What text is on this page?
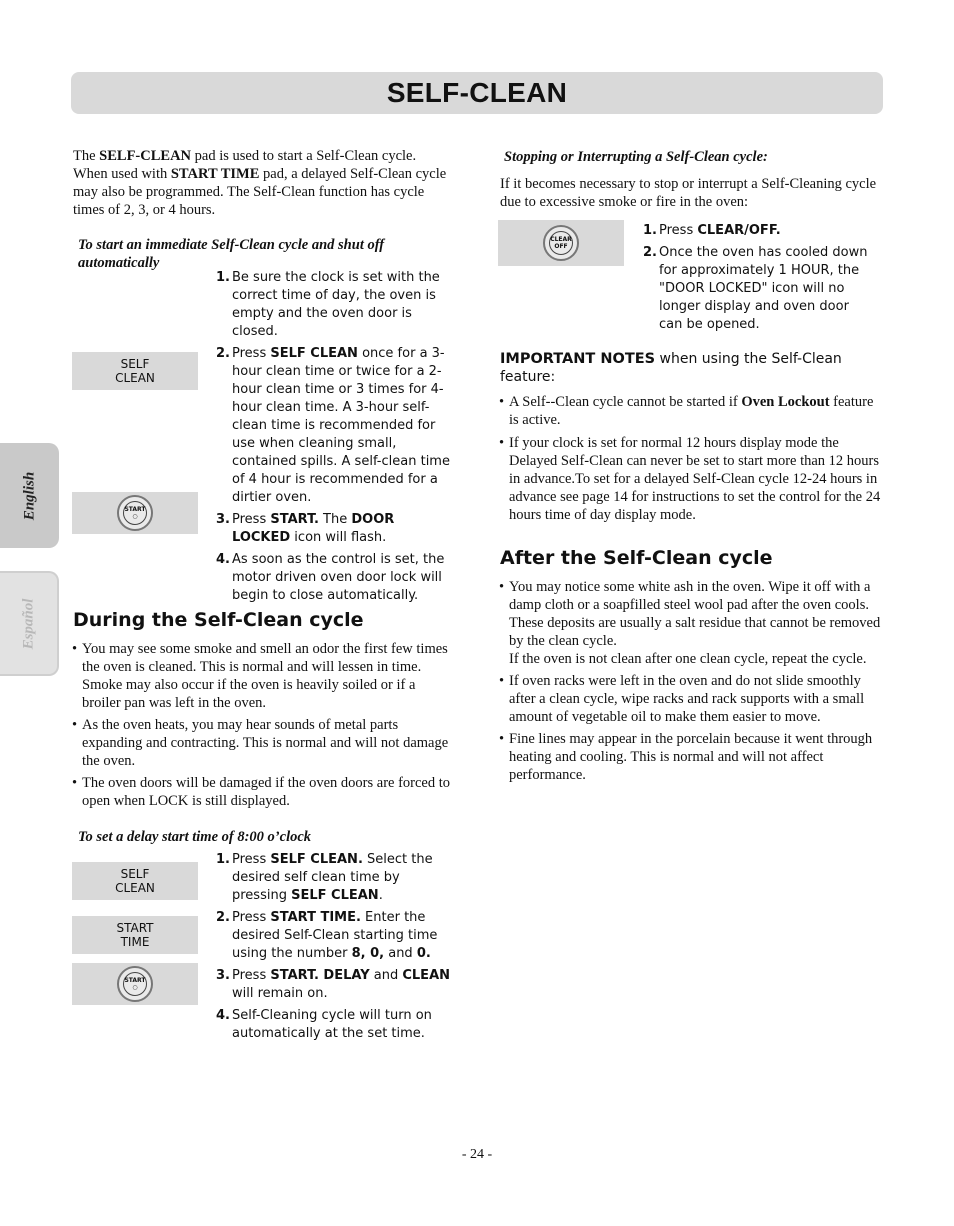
SELF-CLEAN
English
Español
The SELF-CLEAN pad is used to start a Self-Clean cycle. When used with START TIME pad, a delayed Self-Clean cycle may also be programmed. The Self-Clean function has cycle times of 2, 3, or 4 hours.
To start an immediate Self-Clean cycle and shut off automatically
1. Be sure the clock is set with the correct time of day, the oven is empty and the oven door is closed.
2. Press SELF CLEAN once for a 3-hour clean time or twice for a 2-hour clean time or 3 times for 4-hour clean time. A 3-hour self-clean time is recommended for use when cleaning small, contained spills. A self-clean time of 4 hour is recommended for a dirtier oven.
3. Press START. The DOOR LOCKED icon will flash.
4. As soon as the control is set, the motor driven oven door lock will begin to close automatically.
SELF
CLEAN
START
○
During the Self-Clean cycle
• You may see some smoke and smell an odor the first few times the oven is cleaned. This is normal and will lessen in time. Smoke may also occur if the oven is heavily soiled or if a broiler pan was left in the oven.
• As the oven heats, you may hear sounds of metal parts expanding and contracting. This is normal and will not damage the oven.
• The oven doors will be damaged if the oven doors are forced to open when LOCK is still displayed.
To set a delay start time of 8:00 o’clock
1. Press SELF CLEAN. Select the desired self clean time by pressing SELF CLEAN.
2. Press START TIME. Enter the desired Self-Clean starting time using the number 8, 0, and 0.
3. Press START. DELAY and CLEAN will remain on.
4. Self-Cleaning cycle will turn on automatically at the set time.
SELF
CLEAN
START
TIME
START
○
Stopping or Interrupting a Self-Clean cycle:
If it becomes necessary to stop or interrupt a Self-Cleaning cycle due to excessive smoke or fire in the oven:
CLEAR
OFF
1. Press CLEAR/OFF.
2. Once the oven has cooled down for approximately 1 HOUR, the "DOOR LOCKED" icon will no longer display and oven door can be opened.
IMPORTANT NOTES when using the Self-Clean feature:
• A Self--Clean cycle cannot be started if Oven Lockout feature is active.
• If your clock is set for normal 12 hours display mode the Delayed Self-Clean can never be set to start more than 12 hours in advance.To set for a delayed Self-Clean cycle 12-24 hours in advance see page 14 for instructions to set the control for the 24 hours time of day display mode.
After the Self-Clean cycle
• You may notice some white ash in the oven. Wipe it off with a damp cloth or a soapfilled steel wool pad after the oven cools.
These deposits are usually a salt residue that cannot be removed by the clean cycle.
If the oven is not clean after one clean cycle, repeat the cycle.
• If oven racks were left in the oven and do not slide smoothly after a clean cycle, wipe racks and rack supports with a small amount of vegetable oil to make them easier to move.
• Fine lines may appear in the porcelain because it went through heating and cooling. This is normal and will not affect performance.
- 24 -
